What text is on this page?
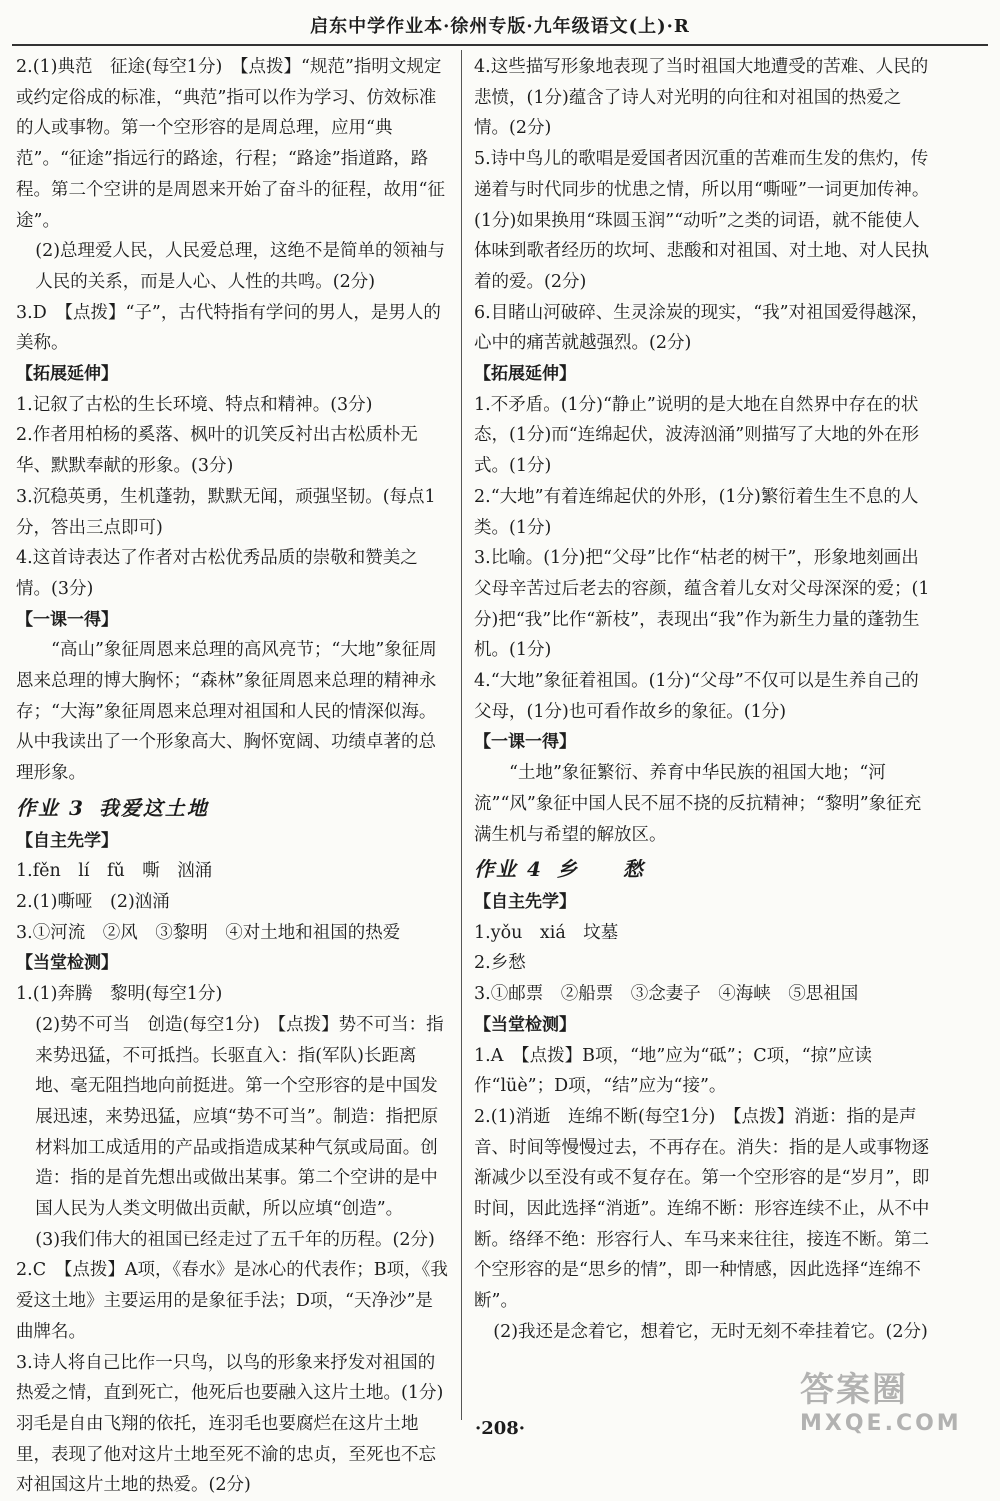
启东中学作业本·徐州专版·九年级语文(上)·R
2.(1)典范　征途(每空1分)　【点拨】“规范”指明文规定或约定俗成的标准，“典范”指可以作为学习、仿效标准的人或事物。第一个空形容的是周总理，应用“典范”。“征途”指远行的路途，行程；“路途”指道路，路程。第二个空讲的是周恩来开始了奋斗的征程，故用“征途”。
(2)总理爱人民，人民爱总理，这绝不是简单的领袖与人民的关系，而是人心、人性的共鸣。(2分)
3.D　【点拨】“子”，古代特指有学问的男人，是男人的美称。
【拓展延伸】
1.记叙了古松的生长环境、特点和精神。(3分)
2.作者用柏杨的奚落、枫叶的讥笑反衬出古松质朴无华、默默奉献的形象。(3分)
3.沉稳英勇，生机蓬勃，默默无闻，顽强坚韧。(每点1分，答出三点即可)
4.这首诗表达了作者对古松优秀品质的崇敬和赞美之情。(3分)
【一课一得】
“高山”象征周恩来总理的高风亮节；“大地”象征周恩来总理的博大胸怀；“森林”象征周恩来总理的精神永存；“大海”象征周恩来总理对祖国和人民的情深似海。从中我读出了一个形象高大、胸怀宽阔、功绩卓著的总理形象。
作业 3 我爱这土地
【自主先学】
1.fěn　lí　fǔ　嘶　汹涌
2.(1)嘶哑　(2)汹涌
3.①河流　②风　③黎明　④对土地和祖国的热爱
【当堂检测】
1.(1)奔腾　黎明(每空1分)
(2)势不可当　创造(每空1分)　【点拨】势不可当：指来势迅猛，不可抵挡。长驱直入：指(军队)长距离地、毫无阻挡地向前挺进。第一个空形容的是中国发展迅速，来势迅猛，应填“势不可当”。制造：指把原材料加工成适用的产品或指造成某种气氛或局面。创造：指的是首先想出或做出某事。第二个空讲的是中国人民为人类文明做出贡献，所以应填“创造”。
(3)我们伟大的祖国已经走过了五千年的历程。(2分)
2.C　【点拨】A项，《春水》是冰心的代表作；B项，《我爱这土地》主要运用的是象征手法；D项，“天净沙”是曲牌名。
3.诗人将自己比作一只鸟，以鸟的形象来抒发对祖国的热爱之情，直到死亡，他死后也要融入这片土地。(1分)羽毛是自由飞翔的依托，连羽毛也要腐烂在这片土地里，表现了他对这片土地至死不渝的忠贞，至死也不忘对祖国这片土地的热爱。(2分)
4.这些描写形象地表现了当时祖国大地遭受的苦难、人民的悲愤，(1分)蕴含了诗人对光明的向往和对祖国的热爱之情。(2分)
5.诗中鸟儿的歌唱是爱国者因沉重的苦难而生发的焦灼，传递着与时代同步的忧患之情，所以用“嘶哑”一词更加传神。(1分)如果换用“珠圆玉润”“动听”之类的词语，就不能使人体味到歌者经历的坎坷、悲酸和对祖国、对土地、对人民执着的爱。(2分)
6.目睹山河破碎、生灵涂炭的现实，“我”对祖国爱得越深，心中的痛苦就越强烈。(2分)
【拓展延伸】
1.不矛盾。(1分)“静止”说明的是大地在自然界中存在的状态，(1分)而“连绵起伏，波涛汹涌”则描写了大地的外在形式。(1分)
2.“大地”有着连绵起伏的外形，(1分)繁衍着生生不息的人类。(1分)
3.比喻。(1分)把“父母”比作“枯老的树干”，形象地刻画出父母辛苦过后老去的容颜，蕴含着儿女对父母深深的爱；(1分)把“我”比作“新枝”，表现出“我”作为新生力量的蓬勃生机。(1分)
4.“大地”象征着祖国。(1分)“父母”不仅可以是生养自己的父母，(1分)也可看作故乡的象征。(1分)
【一课一得】
“土地”象征繁衍、养育中华民族的祖国大地；“河流”“风”象征中国人民不屈不挠的反抗精神；“黎明”象征充满生机与希望的解放区。
作业 4 乡　　愁
【自主先学】
1.yǒu　xiá　坟墓
2.乡愁
3.①邮票　②船票　③念妻子　④海峡　⑤思祖国
【当堂检测】
1.A　【点拨】B项，“地”应为“砥”；C项，“掠”应读作“lüè”；D项，“结”应为“接”。
2.(1)消逝　连绵不断(每空1分)　【点拨】消逝：指的是声音、时间等慢慢过去，不再存在。消失：指的是人或事物逐渐减少以至没有或不复存在。第一个空形容的是“岁月”，即时间，因此选择“消逝”。连绵不断：形容连续不止，从不中断。络绎不绝：形容行人、车马来来往往，接连不断。第二个空形容的是“思乡的情”，即一种情感，因此选择“连绵不断”。
(2)我还是念着它，想着它，无时无刻不牵挂着它。(2分)
·208·
答案圈
MXQE.COM
